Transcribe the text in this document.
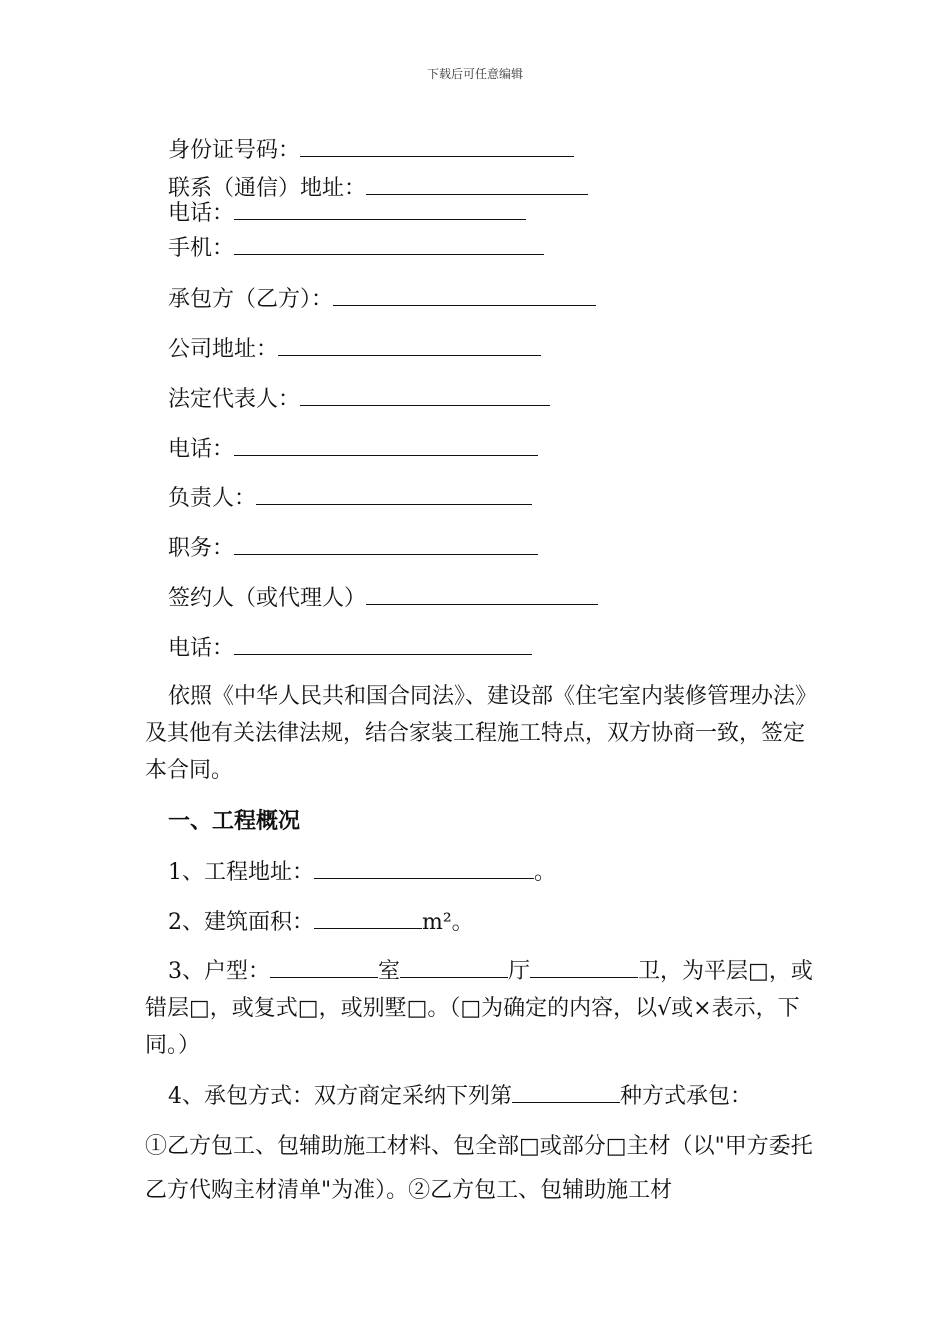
下载后可任意编辑
身份证号码：
联系（通信）地址：
电话：
手机：
承包方（乙方）：
公司地址：
法定代表人：
电话：
负责人：
职务：
签约人（或代理人）
电话：
依照《中华人民共和国合同法》、建设部《住宅室内装修管理办法》及其他有关法律法规，结合家装工程施工特点，双方协商一致，签定本合同。
一、工程概况
1、工程地址：	。
2、建筑面积：	m²。
3、户型：	室	厅	卫，为平层□，或错层□，或复式□，或别墅□。（□为确定的内容，以√或×表示，下同。）
4、承包方式：双方商定采纳下列第	种方式承包：
①乙方包工、包辅助施工材料、包全部□或部分□主材（以"甲方委托乙方代购主材清单"为准）。②乙方包工、包辅助施工材
